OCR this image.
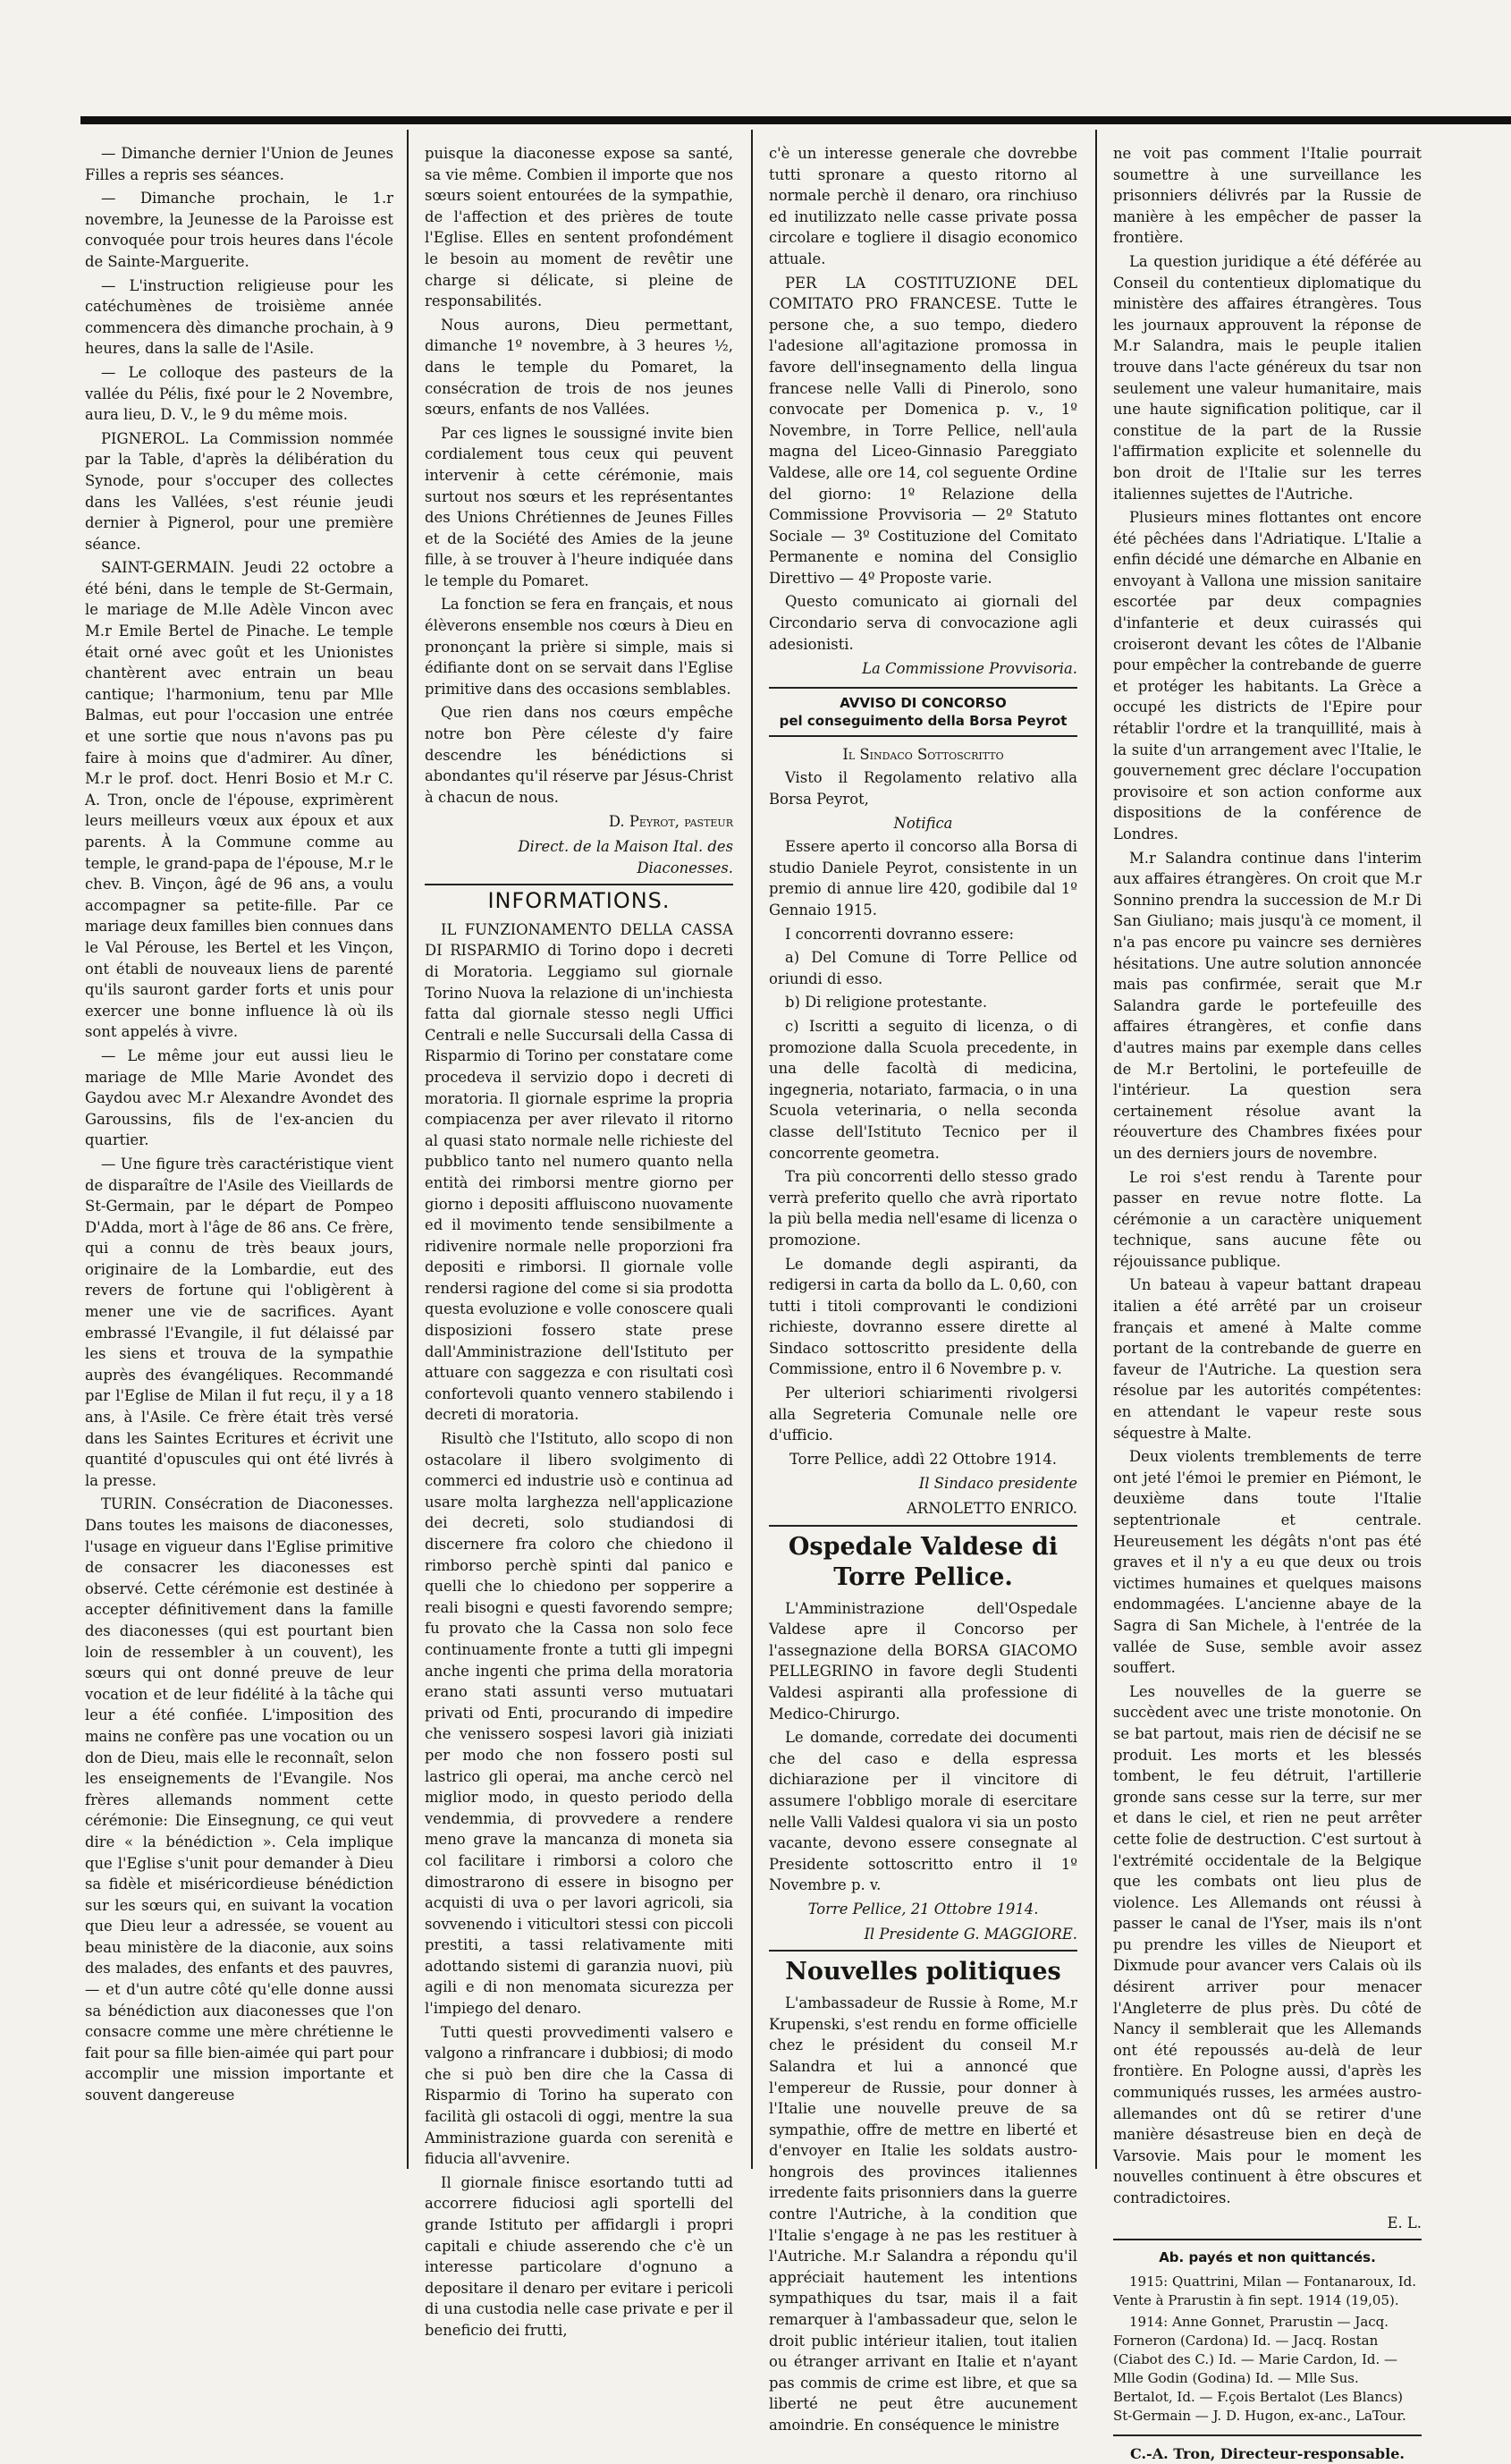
— Dimanche dernier l'Union de Jeunes Filles a repris ses séances.

— Dimanche prochain, le 1.r novembre, la Jeunesse de la Paroisse est convoquée pour trois heures dans l'école de Sainte-Marguerite.

— L'instruction religieuse pour les catéchumènes de troisième année commencera dès dimanche prochain, à 9 heures, dans la salle de l'Asile.

— Le colloque des pasteurs de la vallée du Pélis, fixé pour le 2 Novembre, aura lieu, D. V., le 9 du même mois.

PIGNEROL. La Commission nommée par la Table, d'après la délibération du Synode, pour s'occuper des collectes dans les Vallées, s'est réunie jeudi dernier à Pignerol, pour une première séance.

SAINT-GERMAIN. Jeudi 22 octobre a été béni, dans le temple de St-Germain, le mariage de M.lle Adèle Vincon avec M.r Emile Bertel de Pinache. Le temple était orné avec goût et les Unionistes chantèrent avec entrain un beau cantique; l'harmonium, tenu par Mlle Balmas, eut pour l'occasion une entrée et une sortie que nous n'avons pas pu faire à moins que d'admirer. Au dîner, M.r le prof. doct. Henri Bosio et M.r C. A. Tron, oncle de l'épouse, exprimèrent leurs meilleurs vœux aux époux et aux parents. À la Commune comme au temple, le grand-papa de l'épouse, M.r le chev. B. Vinçon, âgé de 96 ans, a voulu accompagner sa petite-fille. Par ce mariage deux familles bien connues dans le Val Pérouse, les Bertel et les Vinçon, ont établi de nouveaux liens de parenté qu'ils sauront garder forts et unis pour exercer une bonne influence là où ils sont appelés à vivre.

— Le même jour eut aussi lieu le mariage de Mlle Marie Avondet des Gaydou avec M.r Alexandre Avondet des Garoussins, fils de l'ex-ancien du quartier.

— Une figure très caractéristique vient de disparaître de l'Asile des Vieillards de St-Germain, par le départ de Pompeo D'Adda, mort à l'âge de 86 ans. Ce frère, qui a connu de très beaux jours, originaire de la Lombardie, eut des revers de fortune qui l'obligèrent à mener une vie de sacrifices. Ayant embrassé l'Evangile, il fut délaissé par les siens et trouva de la sympathie auprès des évangéliques. Recommandé par l'Eglise de Milan il fut reçu, il y a 18 ans, à l'Asile. Ce frère était très versé dans les Saintes Ecritures et écrivit une quantité d'opuscules qui ont été livrés à la presse.

TURIN. Consécration de Diaconesses. Dans toutes les maisons de diaconesses, l'usage en vigueur dans l'Eglise primitive de consacrer les diaconesses est observé. Cette cérémonie est destinée à accepter définitivement dans la famille des diaconesses (qui est pourtant bien loin de ressembler à un couvent), les sœurs qui ont donné preuve de leur vocation et de leur fidélité à la tâche qui leur a été confiée. L'imposition des mains ne confère pas une vocation ou un don de Dieu, mais elle le reconnaît, selon les enseignements de l'Evangile. Nos frères allemands nomment cette cérémonie: Die Einsegnung, ce qui veut dire « la bénédiction ». Cela implique que l'Eglise s'unit pour demander à Dieu sa fidèle et miséricordieuse bénédiction sur les sœurs qui, en suivant la vocation que Dieu leur a adressée, se vouent au beau ministère de la diaconie, aux soins des malades, des enfants et des pauvres, — et d'un autre côté qu'elle donne aussi sa bénédiction aux diaconesses que l'on consacre comme une mère chrétienne le fait pour sa fille bien-aimée qui part pour accomplir une mission importante et souvent dangereuse

puisque la diaconesse expose sa santé, sa vie même. Combien il importe que nos sœurs soient entourées de la sympathie, de l'affection et des prières de toute l'Eglise. Elles en sentent profondément le besoin au moment de revêtir une charge si délicate, si pleine de responsabilités.

Nous aurons, Dieu permettant, dimanche 1º novembre, à 3 heures ½, dans le temple du Pomaret, la consécration de trois de nos jeunes sœurs, enfants de nos Vallées.

Par ces lignes le soussigné invite bien cordialement tous ceux qui peuvent intervenir à cette cérémonie, mais surtout nos sœurs et les représentantes des Unions Chrétiennes de Jeunes Filles et de la Société des Amies de la jeune fille, à se trouver à l'heure indiquée dans le temple du Pomaret.

La fonction se fera en français, et nous élèverons ensemble nos cœurs à Dieu en prononçant la prière si simple, mais si édifiante dont on se servait dans l'Eglise primitive dans des occasions semblables.

Que rien dans nos cœurs empêche notre bon Père céleste d'y faire descendre les bénédictions si abondantes qu'il réserve par Jésus-Christ à chacun de nous.

D. Peyrot, pasteur
Direct. de la Maison Ital. des Diaconesses.
INFORMATIONS.

IL FUNZIONAMENTO DELLA CASSA DI RISPARMIO di Torino dopo i decreti di Moratoria. Leggiamo sul giornale Torino Nuova la relazione di un'inchiesta fatta dal giornale stesso negli Uffici Centrali e nelle Succursali della Cassa di Risparmio di Torino per constatare come procedeva il servizio dopo i decreti di moratoria. Il giornale esprime la propria compiacenza per aver rilevato il ritorno al quasi stato normale nelle richieste del pubblico tanto nel numero quanto nella entità dei rimborsi mentre giorno per giorno i depositi affluiscono nuovamente ed il movimento tende sensibilmente a ridivenire normale nelle proporzioni fra depositi e rimborsi. Il giornale volle rendersi ragione del come si sia prodotta questa evoluzione e volle conoscere quali disposizioni fossero state prese dall'Amministrazione dell'Istituto per attuare con saggezza e con risultati così confortevoli quanto vennero stabilendo i decreti di moratoria.

Risultò che l'Istituto, allo scopo di non ostacolare il libero svolgimento di commerci ed industrie usò e continua ad usare molta larghezza nell'applicazione dei decreti, solo studiandosi di discernere fra coloro che chiedono il rimborso perchè spinti dal panico e quelli che lo chiedono per sopperire a reali bisogni e questi favorendo sempre; fu provato che la Cassa non solo fece continuamente fronte a tutti gli impegni anche ingenti che prima della moratoria erano stati assunti verso mutuatari privati od Enti, procurando di impedire che venissero sospesi lavori già iniziati per modo che non fossero posti sul lastrico gli operai, ma anche cercò nel miglior modo, in questo periodo della vendemmia, di provvedere a rendere meno grave la mancanza di moneta sia col facilitare i rimborsi a coloro che dimostrarono di essere in bisogno per acquisti di uva o per lavori agricoli, sia sovvenendo i viticultori stessi con piccoli prestiti, a tassi relativamente miti adottando sistemi di garanzia nuovi, più agili e di non menomata sicurezza per l'impiego del denaro.

Tutti questi provvedimenti valsero e valgono a rinfrancare i dubbiosi; di modo che si può ben dire che la Cassa di Risparmio di Torino ha superato con facilità gli ostacoli di oggi, mentre la sua Amministrazione guarda con serenità e fiducia all'avvenire.

Il giornale finisce esortando tutti ad accorrere fiduciosi agli sportelli del grande Istituto per affidargli i propri capitali e chiude asserendo che c'è un interesse particolare d'ognuno a depositare il denaro per evitare i pericoli di una custodia nelle case private e per il beneficio dei frutti,

c'è un interesse generale che dovrebbe tutti spronare a questo ritorno al normale perchè il denaro, ora rinchiuso ed inutilizzato nelle casse private possa circolare e togliere il disagio economico attuale.

PER LA COSTITUZIONE DEL COMITATO PRO FRANCESE. Tutte le persone che, a suo tempo, diedero l'adesione all'agitazione promossa in favore dell'insegnamento della lingua francese nelle Valli di Pinerolo, sono convocate per Domenica p. v., 1º Novembre, in Torre Pellice, nell'aula magna del Liceo-Ginnasio Pareggiato Valdese, alle ore 14, col seguente Ordine del giorno: 1º Relazione della Commissione Provvisoria — 2º Statuto Sociale — 3º Costituzione del Comitato Permanente e nomina del Consiglio Direttivo — 4º Proposte varie.

Questo comunicato ai giornali del Circondario serva di convocazione agli adesionisti.

La Commissione Provvisoria.
AVVISO DI CONCORSO
pel conseguimento della Borsa Peyrot

Il Sindaco Sottoscritto

Visto il Regolamento relativo alla Borsa Peyrot,

Notifica

Essere aperto il concorso alla Borsa di studio Daniele Peyrot, consistente in un premio di annue lire 420, godibile dal 1º Gennaio 1915.

I concorrenti dovranno essere:

a) Del Comune di Torre Pellice od oriundi di esso.

b) Di religione protestante.

c) Iscritti a seguito di licenza, o di promozione dalla Scuola precedente, in una delle facoltà di medicina, ingegneria, notariato, farmacia, o in una Scuola veterinaria, o nella seconda classe dell'Istituto Tecnico per il concorrente geometra.

Tra più concorrenti dello stesso grado verrà preferito quello che avrà riportato la più bella media nell'esame di licenza o promozione.

Le domande degli aspiranti, da redigersi in carta da bollo da L. 0,60, con tutti i titoli comprovanti le condizioni richieste, dovranno essere dirette al Sindaco sottoscritto presidente della Commissione, entro il 6 Novembre p. v.

Per ulteriori schiarimenti rivolgersi alla Segreteria Comunale nelle ore d'ufficio.

Torre Pellice, addì 22 Ottobre 1914.

Il Sindaco presidente
ARNOLETTO ENRICO.
Ospedale Valdese di Torre Pellice.

L'Amministrazione dell'Ospedale Valdese apre il Concorso per l'assegnazione della BORSA GIACOMO PELLEGRINO in favore degli Studenti Valdesi aspiranti alla professione di Medico-Chirurgo.

Le domande, corredate dei documenti che del caso e della espressa dichiarazione per il vincitore di assumere l'obbligo morale di esercitare nelle Valli Valdesi qualora vi sia un posto vacante, devono essere consegnate al Presidente sottoscritto entro il 1º Novembre p. v.

Torre Pellice, 21 Ottobre 1914.

Il Presidente G. MAGGIORE.
Nouvelles politiques

L'ambassadeur de Russie à Rome, M.r Krupenski, s'est rendu en forme officielle chez le président du conseil M.r Salandra et lui a annoncé que l'empereur de Russie, pour donner à l'Italie une nouvelle preuve de sa sympathie, offre de mettre en liberté et d'envoyer en Italie les soldats austro-hongrois des provinces italiennes irredente faits prisonniers dans la guerre contre l'Autriche, à la condition que l'Italie s'engage à ne pas les restituer à l'Autriche. M.r Salandra a répondu qu'il appréciait hautement les intentions sympathiques du tsar, mais il a fait remarquer à l'ambassadeur que, selon le droit public intérieur italien, tout italien ou étranger arrivant en Italie et n'ayant pas commis de crime est libre, et que sa liberté ne peut être aucunement amoindrie. En conséquence le ministre

ne voit pas comment l'Italie pourrait soumettre à une surveillance les prisonniers délivrés par la Russie de manière à les empêcher de passer la frontière.

La question juridique a été déférée au Conseil du contentieux diplomatique du ministère des affaires étrangères. Tous les journaux approuvent la réponse de M.r Salandra, mais le peuple italien trouve dans l'acte généreux du tsar non seulement une valeur humanitaire, mais une haute signification politique, car il constitue de la part de la Russie l'affirmation explicite et solennelle du bon droit de l'Italie sur les terres italiennes sujettes de l'Autriche.

Plusieurs mines flottantes ont encore été pêchées dans l'Adriatique. L'Italie a enfin décidé une démarche en Albanie en envoyant à Vallona une mission sanitaire escortée par deux compagnies d'infanterie et deux cuirassés qui croiseront devant les côtes de l'Albanie pour empêcher la contrebande de guerre et protéger les habitants. La Grèce a occupé les districts de l'Epire pour rétablir l'ordre et la tranquillité, mais à la suite d'un arrangement avec l'Italie, le gouvernement grec déclare l'occupation provisoire et son action conforme aux dispositions de la conférence de Londres.

M.r Salandra continue dans l'interim aux affaires étrangères. On croit que M.r Sonnino prendra la succession de M.r Di San Giuliano; mais jusqu'à ce moment, il n'a pas encore pu vaincre ses dernières hésitations. Une autre solution annoncée mais pas confirmée, serait que M.r Salandra garde le portefeuille des affaires étrangères, et confie dans d'autres mains par exemple dans celles de M.r Bertolini, le portefeuille de l'intérieur. La question sera certainement résolue avant la réouverture des Chambres fixées pour un des derniers jours de novembre.

Le roi s'est rendu à Tarente pour passer en revue notre flotte. La cérémonie a un caractère uniquement technique, sans aucune fête ou réjouissance publique.

Un bateau à vapeur battant drapeau italien a été arrêté par un croiseur français et amené à Malte comme portant de la contrebande de guerre en faveur de l'Autriche. La question sera résolue par les autorités compétentes: en attendant le vapeur reste sous séquestre à Malte.

Deux violents tremblements de terre ont jeté l'émoi le premier en Piémont, le deuxième dans toute l'Italie septentrionale et centrale. Heureusement les dégâts n'ont pas été graves et il n'y a eu que deux ou trois victimes humaines et quelques maisons endommagées. L'ancienne abaye de la Sagra di San Michele, à l'entrée de la vallée de Suse, semble avoir assez souffert.

Les nouvelles de la guerre se succèdent avec une triste monotonie. On se bat partout, mais rien de décisif ne se produit. Les morts et les blessés tombent, le feu détruit, l'artillerie gronde sans cesse sur la terre, sur mer et dans le ciel, et rien ne peut arrêter cette folie de destruction. C'est surtout à l'extrémité occidentale de la Belgique que les combats ont lieu plus de violence. Les Allemands ont réussi à passer le canal de l'Yser, mais ils n'ont pu prendre les villes de Nieuport et Dixmude pour avancer vers Calais où ils désirent arriver pour menacer l'Angleterre de plus près. Du côté de Nancy il semblerait que les Allemands ont été repoussés au-delà de leur frontière. En Pologne aussi, d'après les communiqués russes, les armées austro-allemandes ont dû se retirer d'une manière désastreuse bien en deçà de Varsovie. Mais pour le moment les nouvelles continuent à être obscures et contradictoires.

E. L.
Ab. payés et non quittancés.

1915: Quattrini, Milan — Fontanaroux, Id. Vente à Prarustin à fin sept. 1914 (19,05).

1914: Anne Gonnet, Prarustin — Jacq. Forneron (Cardona) Id. — Jacq. Rostan (Ciabot des C.) Id. — Marie Cardon, Id. — Mlle Godin (Godina) Id. — Mlle Sus. Bertalot, Id. — F.çois Bertalot (Les Blancs) St-Germain — J. D. Hugon, ex-anc., LaTour.

C.-A. Tron, Directeur-responsable.
